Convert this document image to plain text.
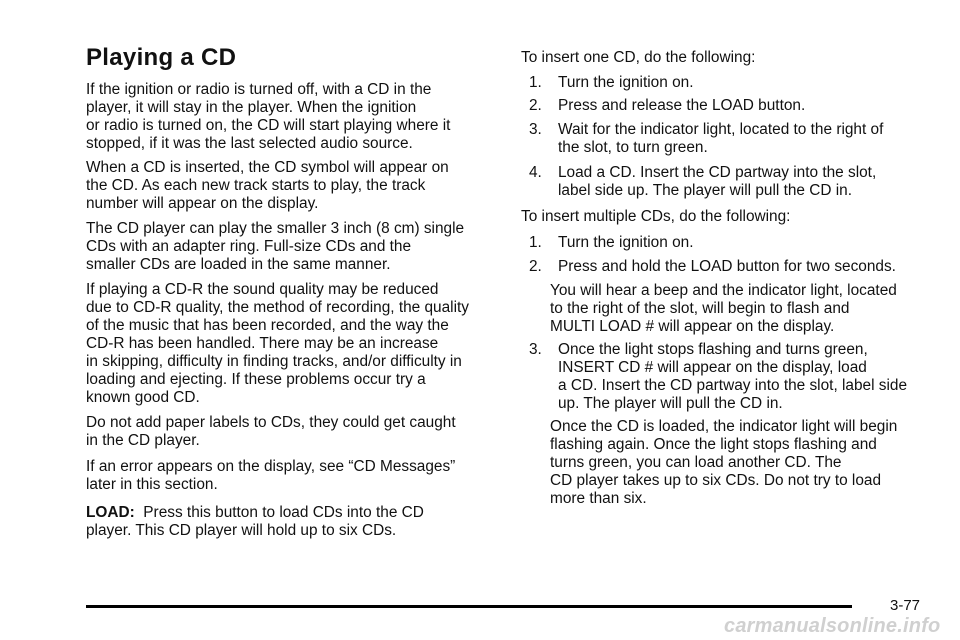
Playing a CD

If the ignition or radio is turned off, with a CD in the
player, it will stay in the player. When the ignition
or radio is turned on, the CD will start playing where it
stopped, if it was the last selected audio source.

When a CD is inserted, the CD symbol will appear on
the CD. As each new track starts to play, the track
number will appear on the display.

The CD player can play the smaller 3 inch (8 cm) single
CDs with an adapter ring. Full-size CDs and the
smaller CDs are loaded in the same manner.

If playing a CD-R the sound quality may be reduced
due to CD-R quality, the method of recording, the quality
of the music that has been recorded, and the way the
CD-R has been handled. There may be an increase
in skipping, difficulty in finding tracks, and/or difficulty in
loading and ejecting. If these problems occur try a
known good CD.

Do not add paper labels to CDs, they could get caught
in the CD player.

If an error appears on the display, see “CD Messages”
later in this section.

LOAD: Press this button to load CDs into the CD
player. This CD player will hold up to six CDs.

To insert one CD, do the following:

1. Turn the ignition on.
2. Press and release the LOAD button.
3. Wait for the indicator light, located to the right of
the slot, to turn green.
4. Load a CD. Insert the CD partway into the slot,
label side up. The player will pull the CD in.

To insert multiple CDs, do the following:

1. Turn the ignition on.
2. Press and hold the LOAD button for two seconds.
You will hear a beep and the indicator light, located
to the right of the slot, will begin to flash and
MULTI LOAD # will appear on the display.
3. Once the light stops flashing and turns green,
INSERT CD # will appear on the display, load
a CD. Insert the CD partway into the slot, label side
up. The player will pull the CD in.
Once the CD is loaded, the indicator light will begin
flashing again. Once the light stops flashing and
turns green, you can load another CD. The
CD player takes up to six CDs. Do not try to load
more than six.
3-77
carmanualsonline.info
